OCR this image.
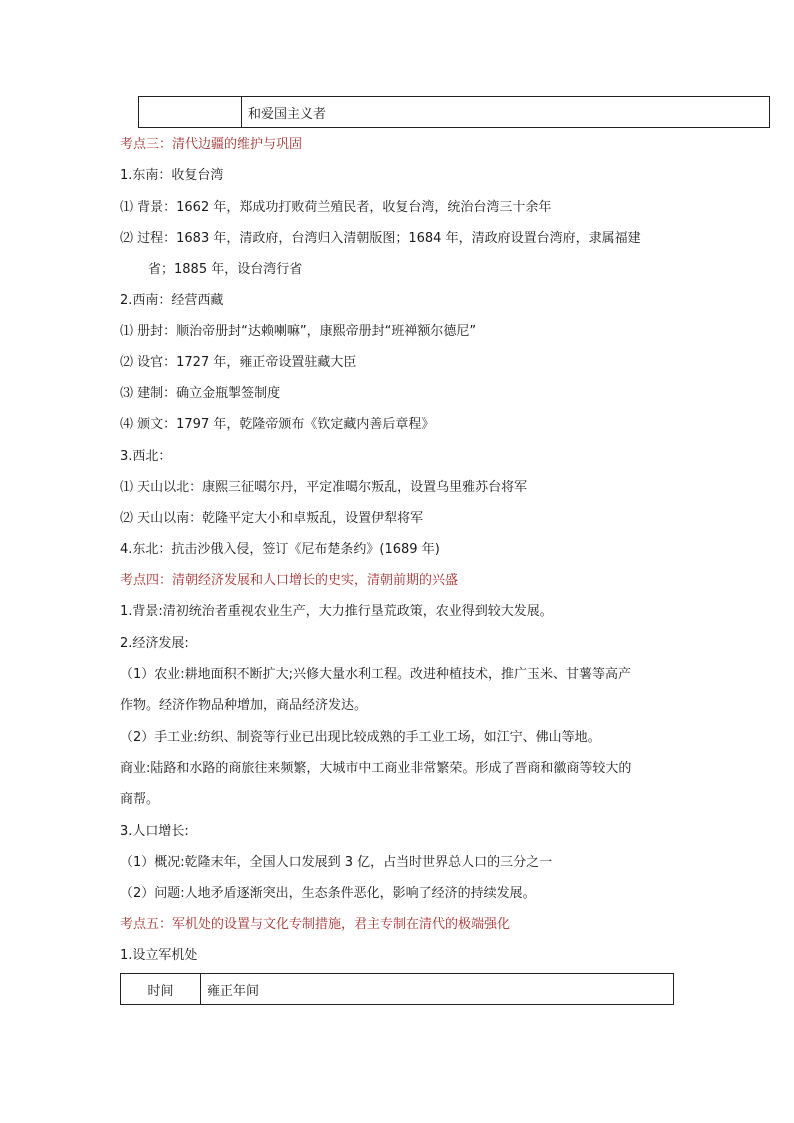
	和爱国主义者
考点三：清代边疆的维护与巩固
1.东南：收复台湾
⑴ 背景：1662 年，郑成功打败荷兰殖民者，收复台湾，统治台湾三十余年
⑵ 过程：1683 年，清政府，台湾归入清朝版图；1684 年，清政府设置台湾府，隶属福建
省；1885 年，设台湾行省
2.西南：经营西藏
⑴ 册封：顺治帝册封“达赖喇嘛”，康熙帝册封“班禅额尔德尼”
⑵ 设官：1727 年，雍正帝设置驻藏大臣
⑶ 建制：确立金瓶掣签制度
⑷ 颁文：1797 年，乾隆帝颁布《钦定藏内善后章程》
3.西北：
⑴ 天山以北：康熙三征噶尔丹，平定准噶尔叛乱，设置乌里雅苏台将军
⑵ 天山以南：乾隆平定大小和卓叛乱，设置伊犁将军
4.东北：抗击沙俄入侵，签订《尼布楚条约》(1689 年)
考点四：清朝经济发展和人口增长的史实，清朝前期的兴盛
1.背景:清初统治者重视农业生产，大力推行垦荒政策，农业得到较大发展。
2.经济发展:
（1）农业:耕地面积不断扩大;兴修大量水利工程。改进种植技术，推广玉米、甘薯等高产
作物。经济作物品种增加，商品经济发达。
（2）手工业:纺织、制瓷等行业已出现比较成熟的手工业工场，如江宁、佛山等地。
商业:陆路和水路的商旅往来频繁，大城市中工商业非常繁荣。形成了晋商和徽商等较大的
商帮。
3.人口增长:
（1）概况:乾隆末年，全国人口发展到 3 亿，占当时世界总人口的三分之一
（2）问题:人地矛盾逐渐突出，生态条件恶化，影响了经济的持续发展。
考点五：军机处的设置与文化专制措施，君主专制在清代的极端强化
1.设立军机处
时间	雍正年间
